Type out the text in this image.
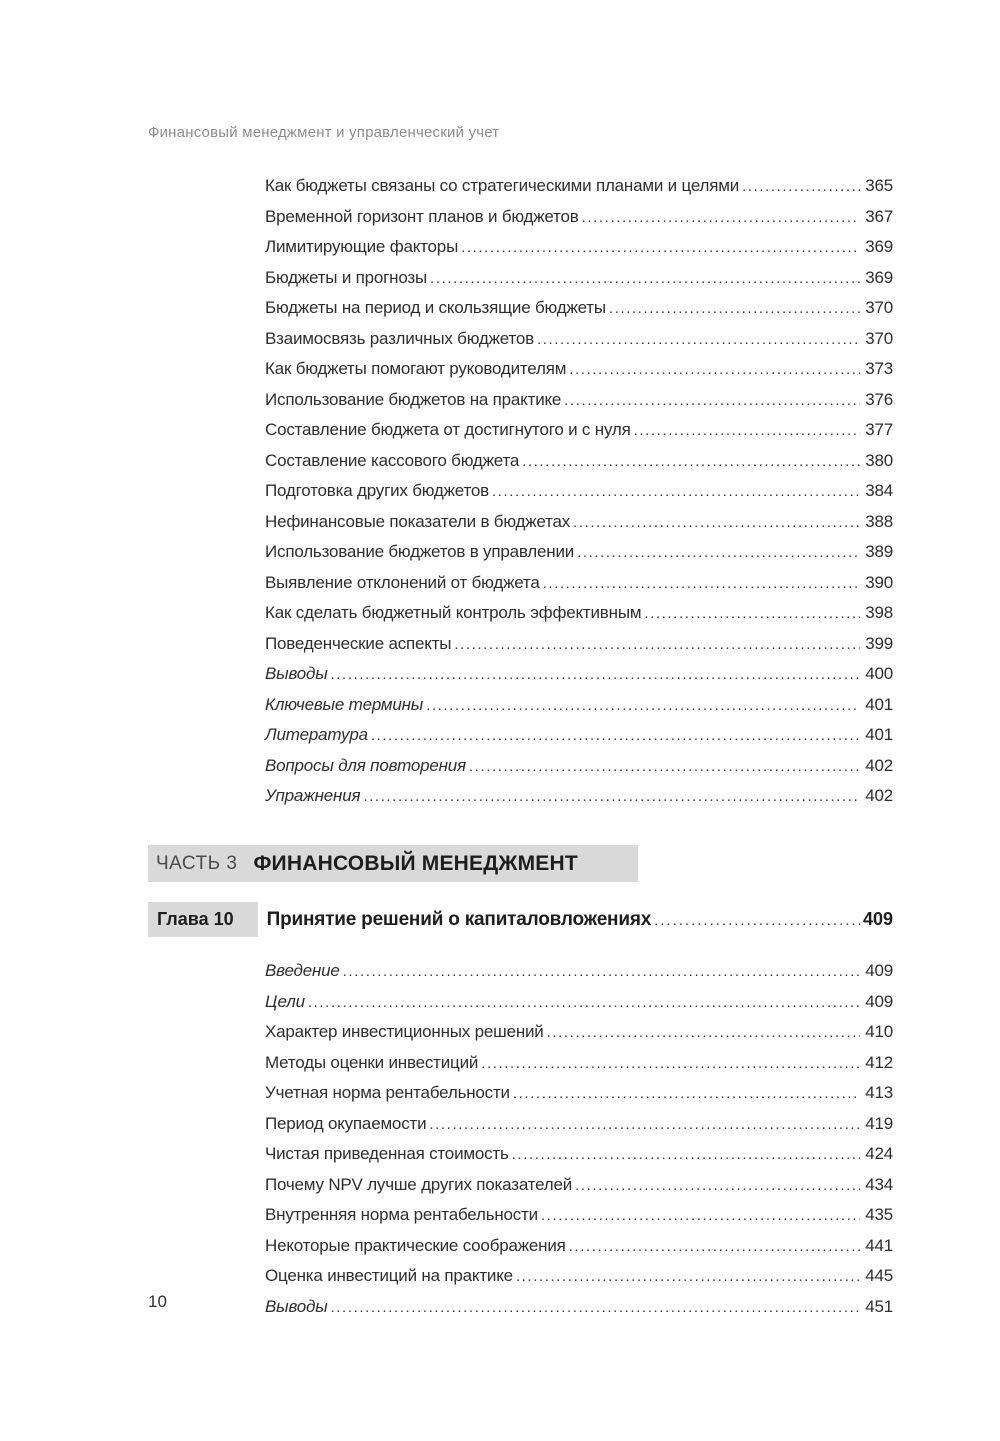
Финансовый менеджмент и управленческий учет
Как бюджеты связаны со стратегическими планами и целями .....	365
Временной горизонт планов и бюджетов .....	367
Лимитирующие факторы .....	369
Бюджеты и прогнозы .....	369
Бюджеты на период и скользящие бюджеты .....	370
Взаимосвязь различных бюджетов .....	370
Как бюджеты помогают руководителям .....	373
Использование бюджетов на практике .....	376
Составление бюджета от достигнутого и с нуля .....	377
Составление кассового бюджета .....	380
Подготовка других бюджетов .....	384
Нефинансовые показатели в бюджетах .....	388
Использование бюджетов в управлении .....	389
Выявление отклонений от бюджета .....	390
Как сделать бюджетный контроль эффективным .....	398
Поведенческие аспекты .....	399
Выводы .....	400
Ключевые термины .....	401
Литература .....	401
Вопросы для повторения .....	402
Упражнения .....	402
ЧАСТЬ 3 ФИНАНСОВЫЙ МЕНЕДЖМЕНТ
Глава 10	Принятие решений о капиталовложениях .....	409
Введение .....	409
Цели .....	409
Характер инвестиционных решений .....	410
Методы оценки инвестиций .....	412
Учетная норма рентабельности .....	413
Период окупаемости .....	419
Чистая приведенная стоимость .....	424
Почему NPV лучше других показателей .....	434
Внутренняя норма рентабельности .....	435
Некоторые практические соображения .....	441
Оценка инвестиций на практике .....	445
Выводы .....	451
10
